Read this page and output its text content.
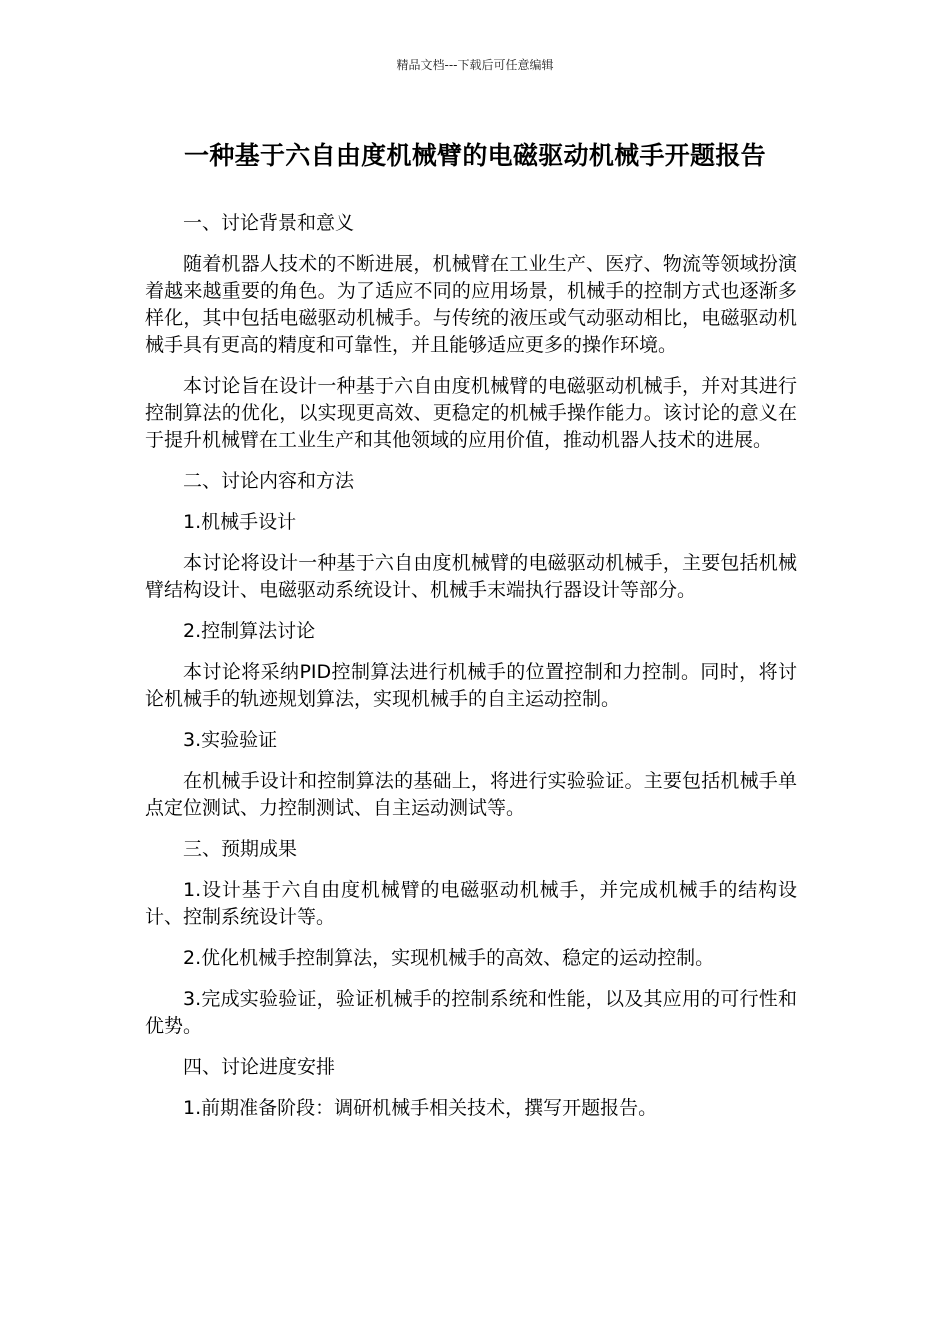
精品文档---下载后可任意编辑
一种基于六自由度机械臂的电磁驱动机械手开题报告

一、讨论背景和意义

随着机器人技术的不断进展，机械臂在工业生产、医疗、物流等领域扮演着越来越重要的角色。为了适应不同的应用场景，机械手的控制方式也逐渐多样化，其中包括电磁驱动机械手。与传统的液压或气动驱动相比，电磁驱动机械手具有更高的精度和可靠性，并且能够适应更多的操作环境。

本讨论旨在设计一种基于六自由度机械臂的电磁驱动机械手，并对其进行控制算法的优化，以实现更高效、更稳定的机械手操作能力。该讨论的意义在于提升机械臂在工业生产和其他领域的应用价值，推动机器人技术的进展。

二、讨论内容和方法

1.机械手设计

本讨论将设计一种基于六自由度机械臂的电磁驱动机械手，主要包括机械臂结构设计、电磁驱动系统设计、机械手末端执行器设计等部分。

2.控制算法讨论

本讨论将采纳PID控制算法进行机械手的位置控制和力控制。同时，将讨论机械手的轨迹规划算法，实现机械手的自主运动控制。

3.实验验证

在机械手设计和控制算法的基础上，将进行实验验证。主要包括机械手单点定位测试、力控制测试、自主运动测试等。

三、预期成果

1.设计基于六自由度机械臂的电磁驱动机械手，并完成机械手的结构设计、控制系统设计等。

2.优化机械手控制算法，实现机械手的高效、稳定的运动控制。

3.完成实验验证，验证机械手的控制系统和性能，以及其应用的可行性和优势。

四、讨论进度安排

1.前期准备阶段：调研机械手相关技术，撰写开题报告。
